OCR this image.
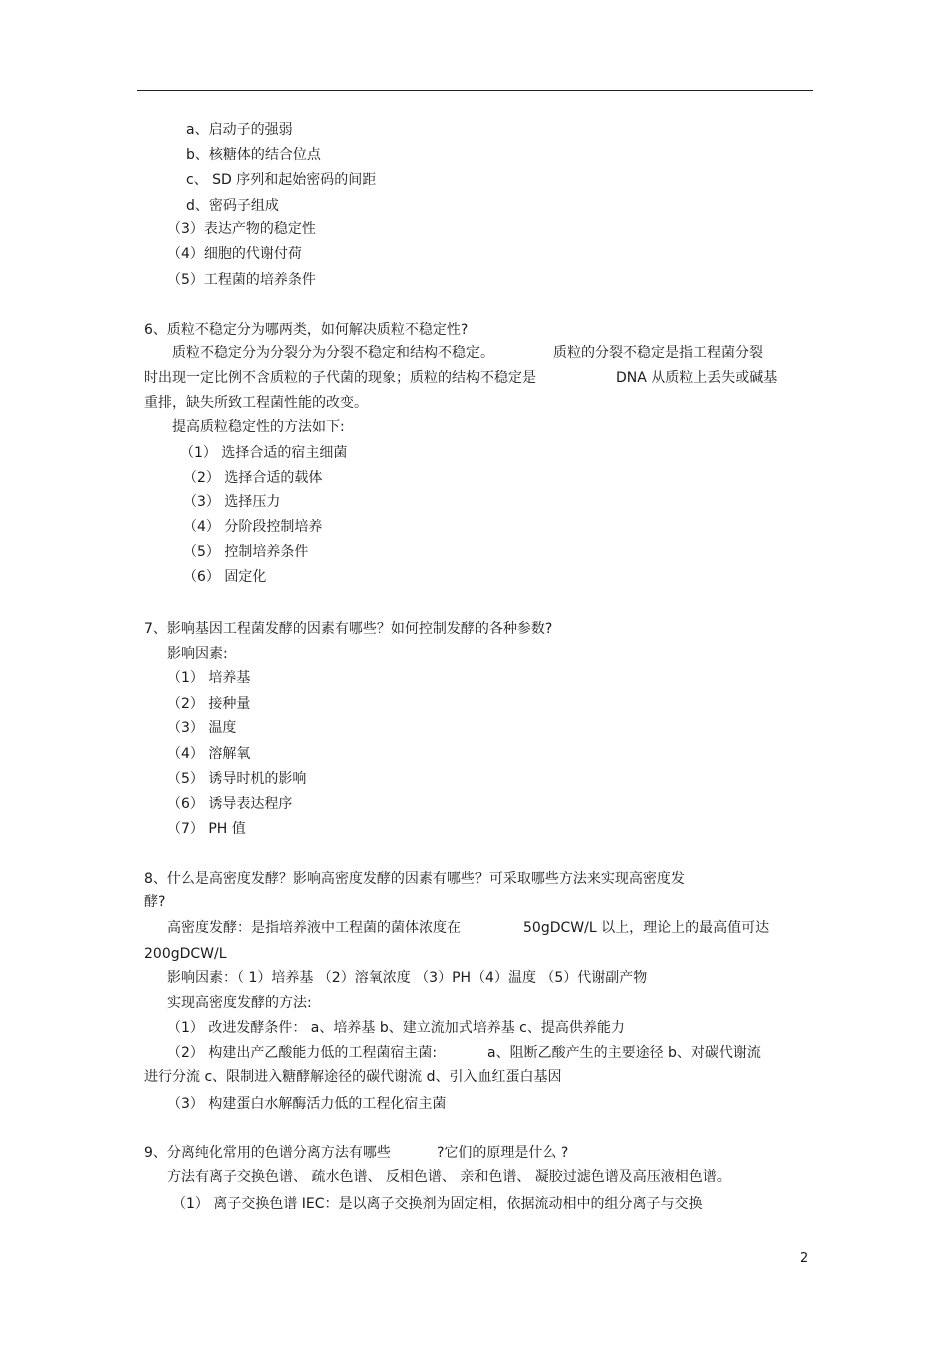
a、启动子的强弱
b、核糖体的结合位点
c、 SD 序列和起始密码的间距
d、密码子组成
（3）表达产物的稳定性
（4）细胞的代谢付荷
（5）工程菌的培养条件
6、质粒不稳定分为哪两类，如何解决质粒不稳定性?
质粒不稳定分为分裂分为分裂不稳定和结构不稳定。	质粒的分裂不稳定是指工程菌分裂
时出现一定比例不含质粒的子代菌的现象；质粒的结构不稳定是	DNA 从质粒上丢失或碱基
重排，缺失所致工程菌性能的改变。
提高质粒稳定性的方法如下:
（1） 选择合适的宿主细菌
（2） 选择合适的载体
（3） 选择压力
（4） 分阶段控制培养
（5） 控制培养条件
（6） 固定化
7、影响基因工程菌发酵的因素有哪些？如何控制发酵的各种参数?
影响因素:
（1） 培养基
（2） 接种量
（3） 温度
（4） 溶解氧
（5） 诱导时机的影响
（6） 诱导表达程序
（7） PH 值
8、什么是高密度发酵？影响高密度发酵的因素有哪些？可采取哪些方法来实现高密度发
酵?
高密度发酵：是指培养液中工程菌的菌体浓度在	50gDCW/L 以上，理论上的最高值可达
200gDCW/L
影响因素：（ 1）培养基 （2）溶氧浓度 （3）PH（4）温度 （5）代谢副产物
实现高密度发酵的方法:
（1） 改进发酵条件： a、培养基 b、建立流加式培养基 c、提高供养能力
（2） 构建出产乙酸能力低的工程菌宿主菌:	a、阻断乙酸产生的主要途径 b、对碳代谢流
进行分流 c、限制进入糖酵解途径的碳代谢流 d、引入血红蛋白基因
（3） 构建蛋白水解酶活力低的工程化宿主菌
9、分离纯化常用的色谱分离方法有哪些	?它们的原理是什么 ?
方法有离子交换色谱、 疏水色谱、 反相色谱、 亲和色谱、 凝胶过滤色谱及高压液相色谱。
（1） 离子交换色谱 IEC：是以离子交换剂为固定相，依据流动相中的组分离子与交换
2
